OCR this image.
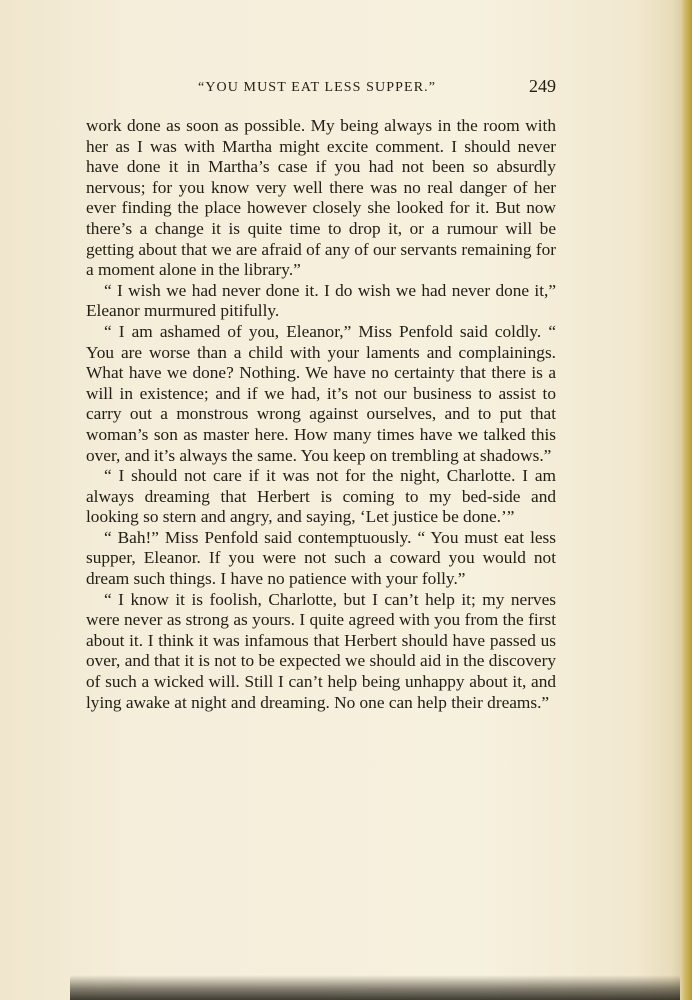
“YOU MUST EAT LESS SUPPER.”	249

work done as soon as possible. My being always in the room with her as I was with Martha might excite comment. I should never have done it in Martha’s case if you had not been so absurdly nervous; for you know very well there was no real danger of her ever finding the place however closely she looked for it. But now there’s a change it is quite time to drop it, or a rumour will be getting about that we are afraid of any of our servants remaining for a moment alone in the library.”

“ I wish we had never done it. I do wish we had never done it,” Eleanor murmured pitifully.

“ I am ashamed of you, Eleanor,” Miss Penfold said coldly. “ You are worse than a child with your laments and complainings. What have we done? Nothing. We have no certainty that there is a will in existence; and if we had, it’s not our business to assist to carry out a monstrous wrong against ourselves, and to put that woman’s son as master here. How many times have we talked this over, and it’s always the same. You keep on trembling at shadows.”

“ I should not care if it was not for the night, Charlotte. I am always dreaming that Herbert is coming to my bed-side and looking so stern and angry, and saying, ‘Let justice be done.’”

“ Bah!” Miss Penfold said contemptuously. “ You must eat less supper, Eleanor. If you were not such a coward you would not dream such things. I have no patience with your folly.”

“ I know it is foolish, Charlotte, but I can’t help it; my nerves were never as strong as yours. I quite agreed with you from the first about it. I think it was infamous that Herbert should have passed us over, and that it is not to be expected we should aid in the discovery of such a wicked will. Still I can’t help being unhappy about it, and lying awake at night and dreaming. No one can help their dreams.”
